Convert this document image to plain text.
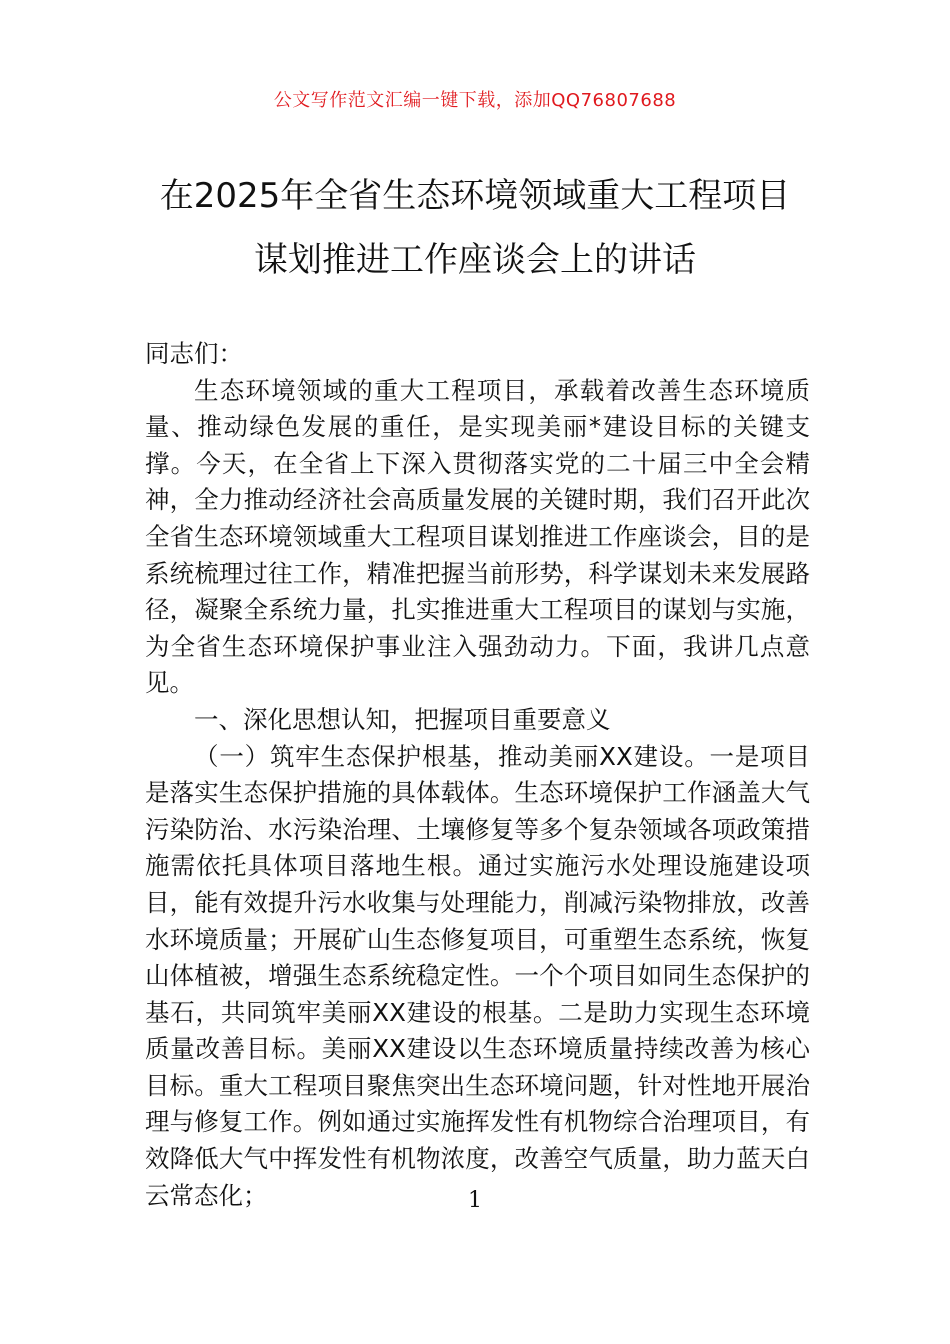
公文写作范文汇编一键下载，添加QQ76807688
在2025年全省生态环境领域重大工程项目
谋划推进工作座谈会上的讲话

同志们：

生态环境领域的重大工程项目，承载着改善生态环境质量、推动绿色发展的重任，是实现美丽*建设目标的关键支撑。今天，在全省上下深入贯彻落实党的二十届三中全会精神，全力推动经济社会高质量发展的关键时期，我们召开此次全省生态环境领域重大工程项目谋划推进工作座谈会，目的是系统梳理过往工作，精准把握当前形势，科学谋划未来发展路径，凝聚全系统力量，扎实推进重大工程项目的谋划与实施，为全省生态环境保护事业注入强劲动力。下面，我讲几点意见。

一、深化思想认知，把握项目重要意义

（一）筑牢生态保护根基，推动美丽XX建设。一是项目是落实生态保护措施的具体载体。生态环境保护工作涵盖大气污染防治、水污染治理、土壤修复等多个复杂领域各项政策措施需依托具体项目落地生根。通过实施污水处理设施建设项目，能有效提升污水收集与处理能力，削减污染物排放，改善水环境质量；开展矿山生态修复项目，可重塑生态系统，恢复山体植被，增强生态系统稳定性。一个个项目如同生态保护的基石，共同筑牢美丽XX建设的根基。二是助力实现生态环境质量改善目标。美丽XX建设以生态环境质量持续改善为核心目标。重大工程项目聚焦突出生态环境问题，针对性地开展治理与修复工作。例如通过实施挥发性有机物综合治理项目，有效降低大气中挥发性有机物浓度，改善空气质量，助力蓝天白云常态化；	1
